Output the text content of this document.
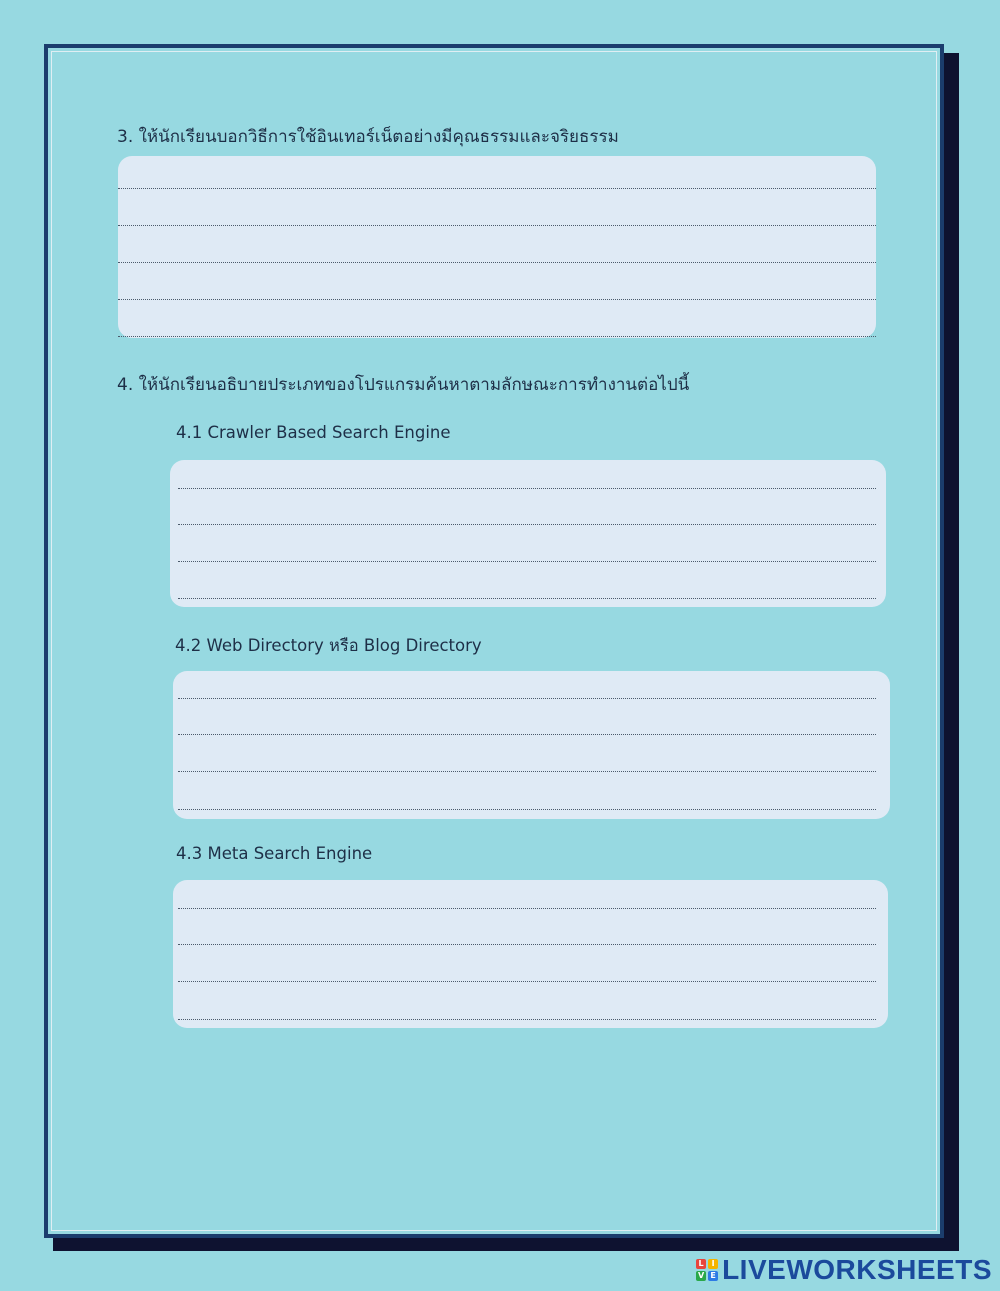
3. ให้นักเรียนบอกวิธีการใช้อินเทอร์เน็ตอย่างมีคุณธรรมและจริยธรรม

4. ให้นักเรียนอธิบายประเภทของโปรแกรมค้นหาตามลักษณะการทำงานต่อไปนี้

4.1 Crawler Based Search Engine

4.2 Web Directory หรือ Blog Directory

4.3 Meta Search Engine

L I
V E LIVEWORKSHEETS
